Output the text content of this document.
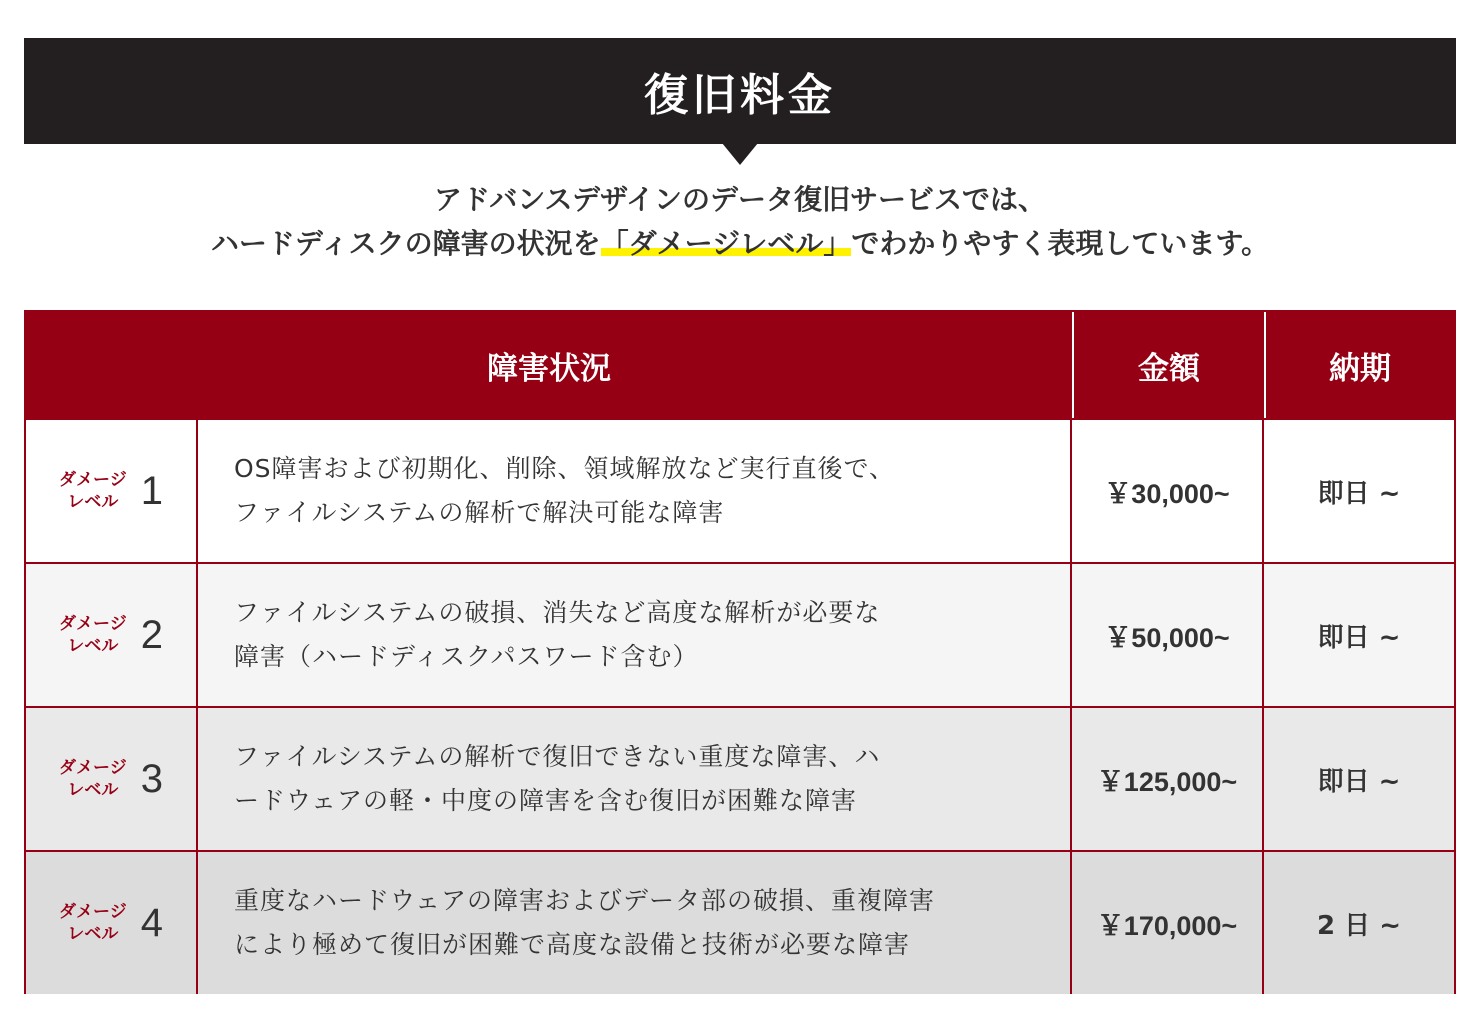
復旧料金
アドバンスデザインのデータ復旧サービスでは、
ハードディスクの障害の状況を「ダメージレベル」でわかりやすく表現しています。
障害状況	金額	納期
ダメージ
レベル 1	OS障害および初期化、削除、領域解放など実行直後で、
ファイルシステムの解析で解決可能な障害
￥30,000~	即日 ~
ダメージ
レベル 2	ファイルシステムの破損、消失など高度な解析が必要な
障害（ハードディスクパスワード含む）
￥50,000~	即日 ~
ダメージ
レベル 3	ファイルシステムの解析で復旧できない重度な障害、ハ
ードウェアの軽・中度の障害を含む復旧が困難な障害
￥125,000~	即日 ~
ダメージ
レベル 4	重度なハードウェアの障害およびデータ部の破損、重複障害
により極めて復旧が困難で高度な設備と技術が必要な障害
￥170,000~	2 日 ~
